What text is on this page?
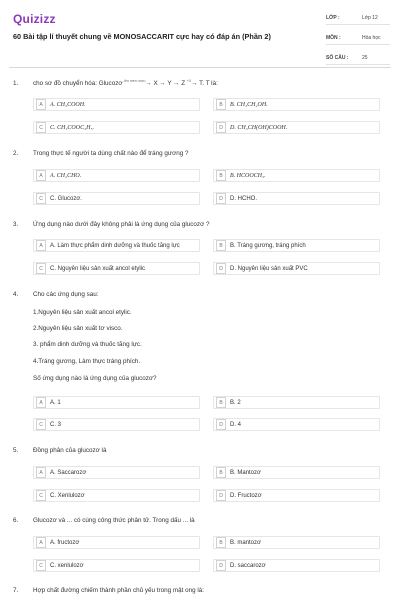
Quizizz
60 Bài tập lí thuyết chung về MONOSACCARIT cực hay có đáp án (Phần 2)
LỚP :	Lớp 12
MÔN :	Hóa học
SỐ CÂU :	25
1. cho sơ đồ chuyển hóa: Glucozơ $^{lên men rượu}$→ X → Y → Z $^{+X}$→ T. T là:
A	A. CH₃COOH.	B	B. CH₃CH₂OH.
C	C. CH₃COOC₂H₅.	D	D. CH₃CH(OH)COOH.
2. Trong thực tế người ta dùng chất nào để tráng gương ?
A	A. CH₃CHO.	B	B. HCOOCH₃.
C	C. Glucozơ.	D	D. HCHO.
3. Ứng dụng nào dưới đây không phải là ứng dụng của glucozơ ?
A	A. Làm thực phẩm dinh dưỡng và thuốc tăng lực	B	B. Tráng gương, tráng phích
C	C. Nguyên liệu sản xuất ancol etylic	D	D. Nguyên liệu sản xuất PVC
4. Cho các ứng dụng sau:
1.Nguyên liệu sản xuất ancol etylic.
2.Nguyên liệu sản xuất tơ visco.
3. phẩm dinh dưỡng và thuốc tăng lực.
4.Tráng gương, Làm thực tráng phích.
Số ứng dụng nào là ứng dụng của glucozơ?
A	A. 1	B	B. 2
C	C. 3	D	D. 4
5. Đồng phân của glucozơ là
A	A. Saccarozơ	B	B. Mantozơ
C	C. Xenlulozơ	D	D. Fructozơ
6. Glucozơ và ... có cùng công thức phân tử. Trong dấu ... là
A	A. fructozơ	B	B. mantozơ
C	C. xenlulozơ	D	D. saccarozơ
7. Hợp chất đường chiếm thành phần chủ yếu trong mật ong là:
